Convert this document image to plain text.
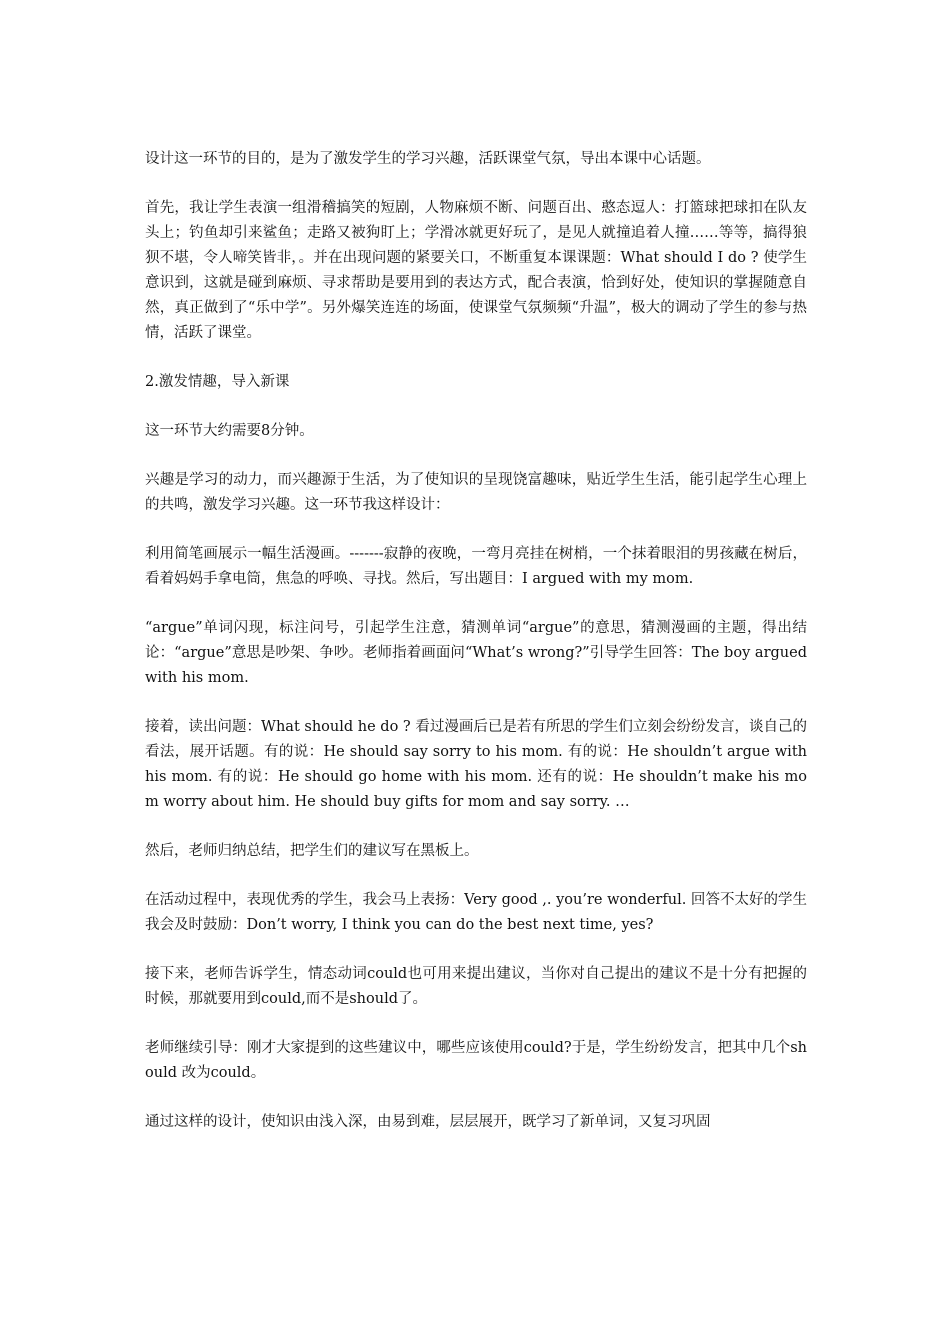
设计这一环节的目的，是为了激发学生的学习兴趣，活跃课堂气氛，导出本课中心话题。

首先，我让学生表演一组滑稽搞笑的短剧，人物麻烦不断、问题百出、憨态逗人：打篮球把球扣在队友头上；钓鱼却引来鲨鱼；走路又被狗盯上；学滑冰就更好玩了，是见人就撞追着人撞……等等，搞得狼狈不堪，令人啼笑皆非，。并在出现问题的紧要关口，不断重复本课课题：What should I do ? 使学生意识到，这就是碰到麻烦、寻求帮助是要用到的表达方式，配合表演，恰到好处，使知识的掌握随意自然，真正做到了“乐中学”。另外爆笑连连的场面，使课堂气氛频频“升温”，极大的调动了学生的参与热情，活跃了课堂。

2.激发情趣，导入新课

这一环节大约需要8分钟。

兴趣是学习的动力，而兴趣源于生活，为了使知识的呈现饶富趣味，贴近学生生活，能引起学生心理上的共鸣，激发学习兴趣。这一环节我这样设计：

利用简笔画展示一幅生活漫画。-------寂静的夜晚，一弯月亮挂在树梢，一个抹着眼泪的男孩藏在树后，看着妈妈手拿电筒，焦急的呼唤、寻找。然后，写出题目：I argued with my mom.

“argue”单词闪现，标注问号，引起学生注意，猜测单词“argue”的意思，猜测漫画的主题，得出结论：“argue”意思是吵架、争吵。老师指着画面问“What’s wrong?”引导学生回答：The boy argued with his mom.

接着，读出问题：What should he do ? 看过漫画后已是若有所思的学生们立刻会纷纷发言，谈自己的看法，展开话题。有的说：He should say sorry to his mom. 有的说：He shouldn’t argue with his mom. 有的说：He should go home with his mom. 还有的说：He shouldn’t make his mom worry about him. He should buy gifts for mom and say sorry. …

然后，老师归纳总结，把学生们的建议写在黑板上。

在活动过程中，表现优秀的学生，我会马上表扬：Very good ,. you’re wonderful. 回答不太好的学生我会及时鼓励：Don’t worry, I think you can do the best next time, yes?

接下来，老师告诉学生，情态动词could也可用来提出建议，当你对自己提出的建议不是十分有把握的时候，那就要用到could,而不是should了。

老师继续引导：刚才大家提到的这些建议中，哪些应该使用could?于是，学生纷纷发言，把其中几个should 改为could。

通过这样的设计，使知识由浅入深，由易到难，层层展开，既学习了新单词，又复习巩固
